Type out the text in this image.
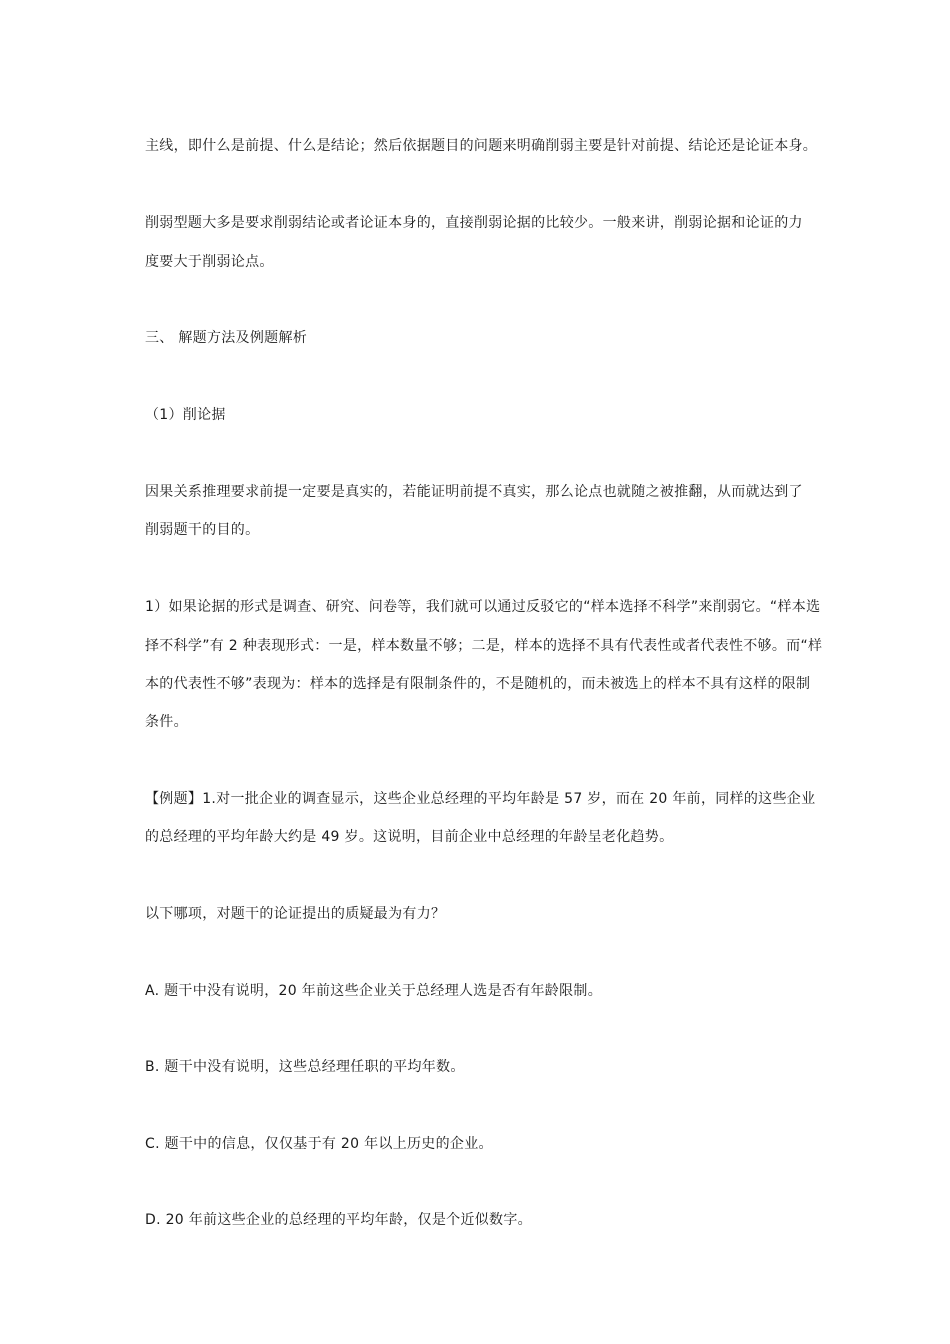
主线，即什么是前提、什么是结论；然后依据题目的问题来明确削弱主要是针对前提、结论还是论证本身。
削弱型题大多是要求削弱结论或者论证本身的，直接削弱论据的比较少。一般来讲，削弱论据和论证的力
度要大于削弱论点。
三、 解题方法及例题解析
（1）削论据
因果关系推理要求前提一定要是真实的，若能证明前提不真实，那么论点也就随之被推翻，从而就达到了
削弱题干的目的。
1）如果论据的形式是调查、研究、问卷等，我们就可以通过反驳它的“样本选择不科学”来削弱它。“样本选
择不科学”有 2 种表现形式：一是，样本数量不够；二是，样本的选择不具有代表性或者代表性不够。而“样
本的代表性不够”表现为：样本的选择是有限制条件的，不是随机的，而未被选上的样本不具有这样的限制
条件。
【例题】1.对一批企业的调查显示，这些企业总经理的平均年龄是 57 岁，而在 20 年前，同样的这些企业
的总经理的平均年龄大约是 49 岁。这说明，目前企业中总经理的年龄呈老化趋势。
以下哪项，对题干的论证提出的质疑最为有力？
A. 题干中没有说明，20 年前这些企业关于总经理人选是否有年龄限制。
B. 题干中没有说明，这些总经理任职的平均年数。
C. 题干中的信息，仅仅基于有 20 年以上历史的企业。
D. 20 年前这些企业的总经理的平均年龄，仅是个近似数字。
